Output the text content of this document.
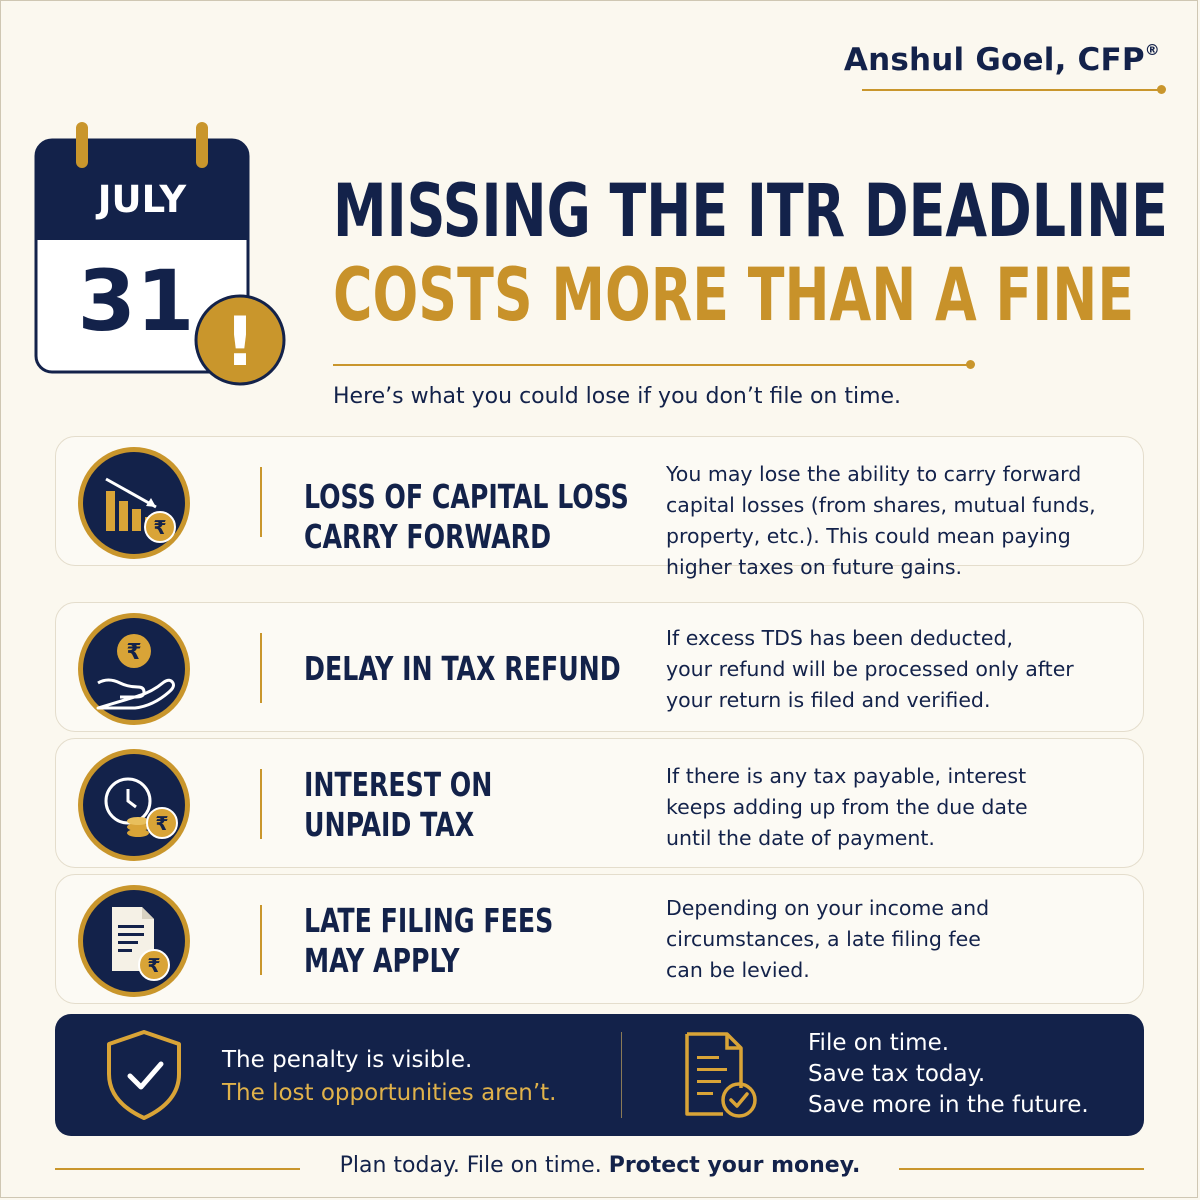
Anshul Goel, CFP®
JULY
31 !
MISSING THE ITR DEADLINE
COSTS MORE THAN A FINE
Here’s what you could lose if you don’t file on time.
₹
LOSS OF CAPITAL LOSS
CARRY FORWARD
You may lose the ability to carry forward
capital losses (from shares, mutual funds,
property, etc.). This could mean paying
higher taxes on future gains.
₹	DELAY IN TAX REFUND
If excess TDS has been deducted,
your refund will be processed only after
your return is filed and verified.
₹
INTEREST ON
UNPAID TAX
If there is any tax payable, interest
keeps adding up from the due date
until the date of payment.
₹
LATE FILING FEES
MAY APPLY
Depending on your income and
circumstances, a late filing fee
can be levied.
The penalty is visible.
The lost opportunities aren’t.
File on time.
Save tax today.
Save more in the future.
Plan today. File on time. Protect your money.
